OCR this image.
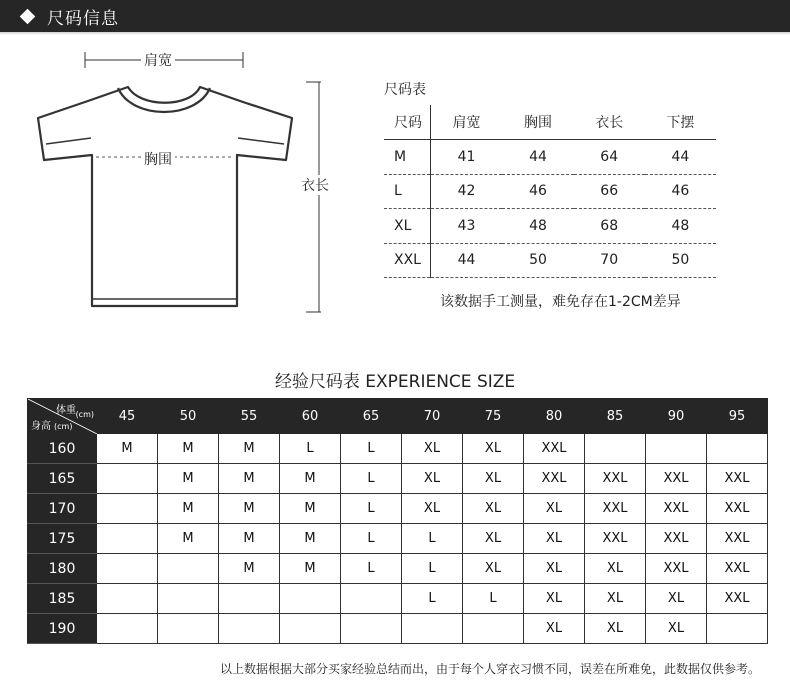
尺码信息
肩宽
胸围
衣长
尺码表
尺码	肩宽	胸围	衣长	下摆
M	41	44	64	44
L	42	46	66	46
XL	43	48	68	48
XXL	44	50	70	50
该数据手工测量，难免存在1-2CM差异
经验尺码表 EXPERIENCE SIZE
体重 (cm)
身高 (cm)	45	50	55	60	65	70	75	80	85	90	95
160	M	M	M	L	L	XL	XL	XXL			
165		M	M	M	L	XL	XL	XXL	XXL	XXL	XXL
170		M	M	M	L	XL	XL	XL	XXL	XXL	XXL
175		M	M	M	L	L	XL	XL	XXL	XXL	XXL
180			M	M	L	L	XL	XL	XL	XXL	XXL
185						L	L	XL	XL	XL	XXL
190								XL	XL	XL	
以上数据根据大部分买家经验总结而出，由于每个人穿衣习惯不同，误差在所难免，此数据仅供参考。
